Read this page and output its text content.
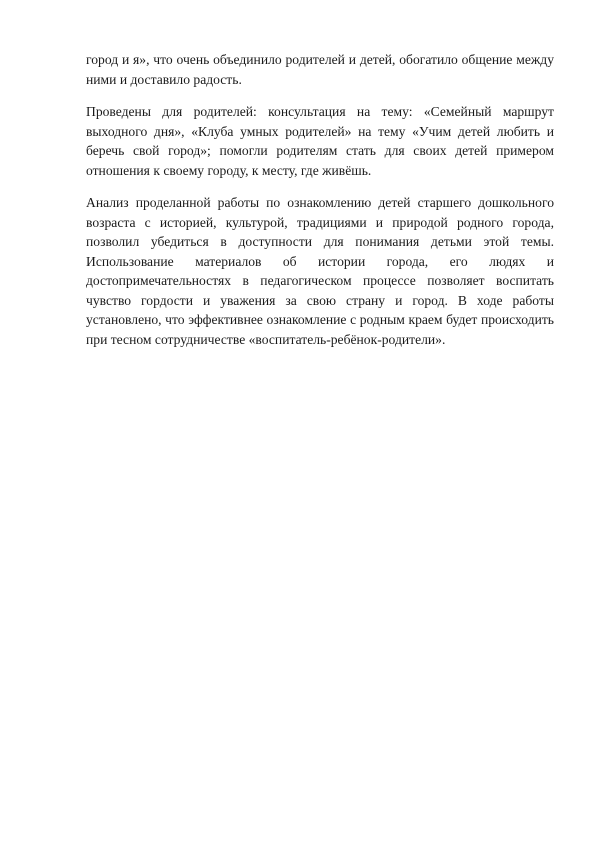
город и я», что очень объединило родителей и детей, обогатило общение между ними и доставило радость.

Проведены для родителей: консультация на тему: «Семейный маршрут выходного дня», «Клуба умных родителей» на тему «Учим детей любить и беречь свой город»; помогли родителям стать для своих детей примером отношения к своему городу, к месту, где живёшь.

Анализ проделанной работы по ознакомлению детей старшего дошкольного возраста с историей, культурой, традициями и природой родного города, позволил убедиться в доступности для понимания детьми этой темы. Использование материалов об истории города, его людях и достопримечательностях в педагогическом процессе позволяет воспитать чувство гордости и уважения за свою страну и город. В ходе работы установлено, что эффективнее ознакомление с родным краем будет происходить при тесном сотрудничестве «воспитатель-ребёнок-родители».
